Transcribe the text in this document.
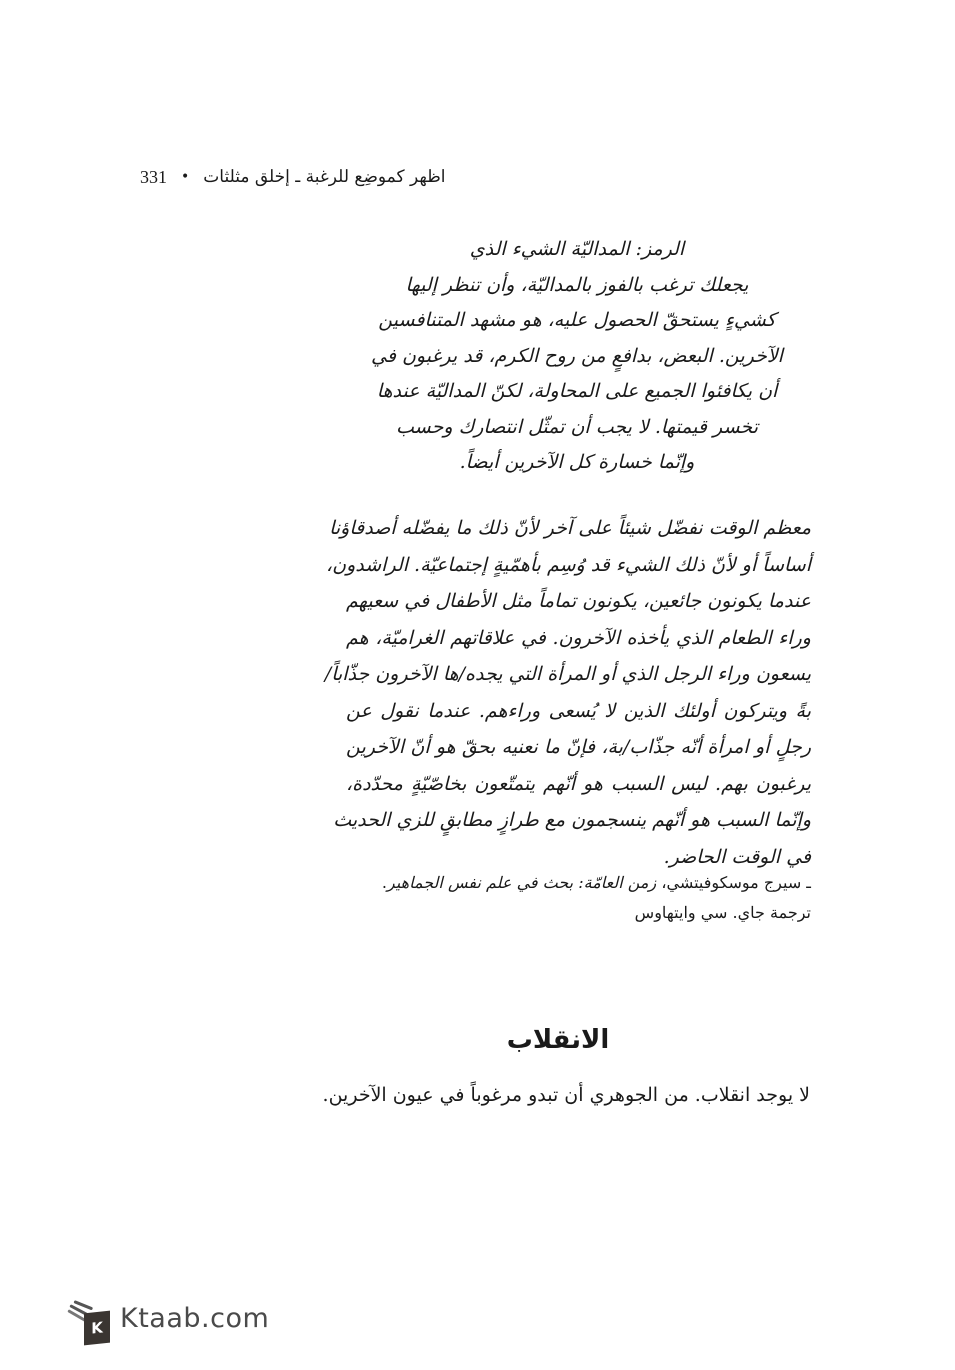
331 • اظهر كموضِع للرغبة ـ إخلق مثلثات
الرمز: المداليّة الشيء الذي
يجعلك ترغب بالفوز بالمداليّة، وأن تنظر إليها
كشيءٍ يستحقّ الحصول عليه، هو مشهد المتنافسين
الآخرين. البعض، بدافعٍ من روح الكرم، قد يرغبون في
أن يكافئوا الجميع على المحاولة، لكنّ المداليّة عندها
تخسر قيمتها. لا يجب أن تمثّل انتصارك وحسب
وإنّما خسارة كل الآخرين أيضاً.
معظم الوقت نفضّل شيئاً على آخر لأنّ ذلك ما يفضّله أصدقاؤنا
أساساً أو لأنّ ذلك الشيء قد وُسِم بأهمّيةٍ إجتماعيّة. الراشدون،
عندما يكونون جائعين، يكونون تماماً مثل الأطفال في سعيهم
وراء الطعام الذي يأخذه الآخرون. في علاقاتهم الغراميّة، هم
يسعون وراء الرجل الذي أو المرأة التي يجده/ها الآخرون جذّاباً/
بةً ويتركون أولئك الذين لا يُسعى وراءهم. عندما نقول عن
رجلٍ أو امرأة أنّه جذّاب/بة، فإنّ ما نعنيه بحقّ هو أنّ الآخرين
يرغبون بهم. ليس السبب هو أنّهم يتمتّعون بخاصّيّةٍ محدّدة،
وإنّما السبب هو أنّهم ينسجمون مع طرازٍ مطابقٍ للزي الحديث
في الوقت الحاضر.
ـ سيرج موسكوفيتشي، زمن العامّة: بحث في علم نفس الجماهير.
ترجمة جاي. سي وايتهاوس
الانقلاب
لا يوجد انقلاب. من الجوهري أن تبدو مرغوباً في عيون الآخرين.
K Ktaab.com
